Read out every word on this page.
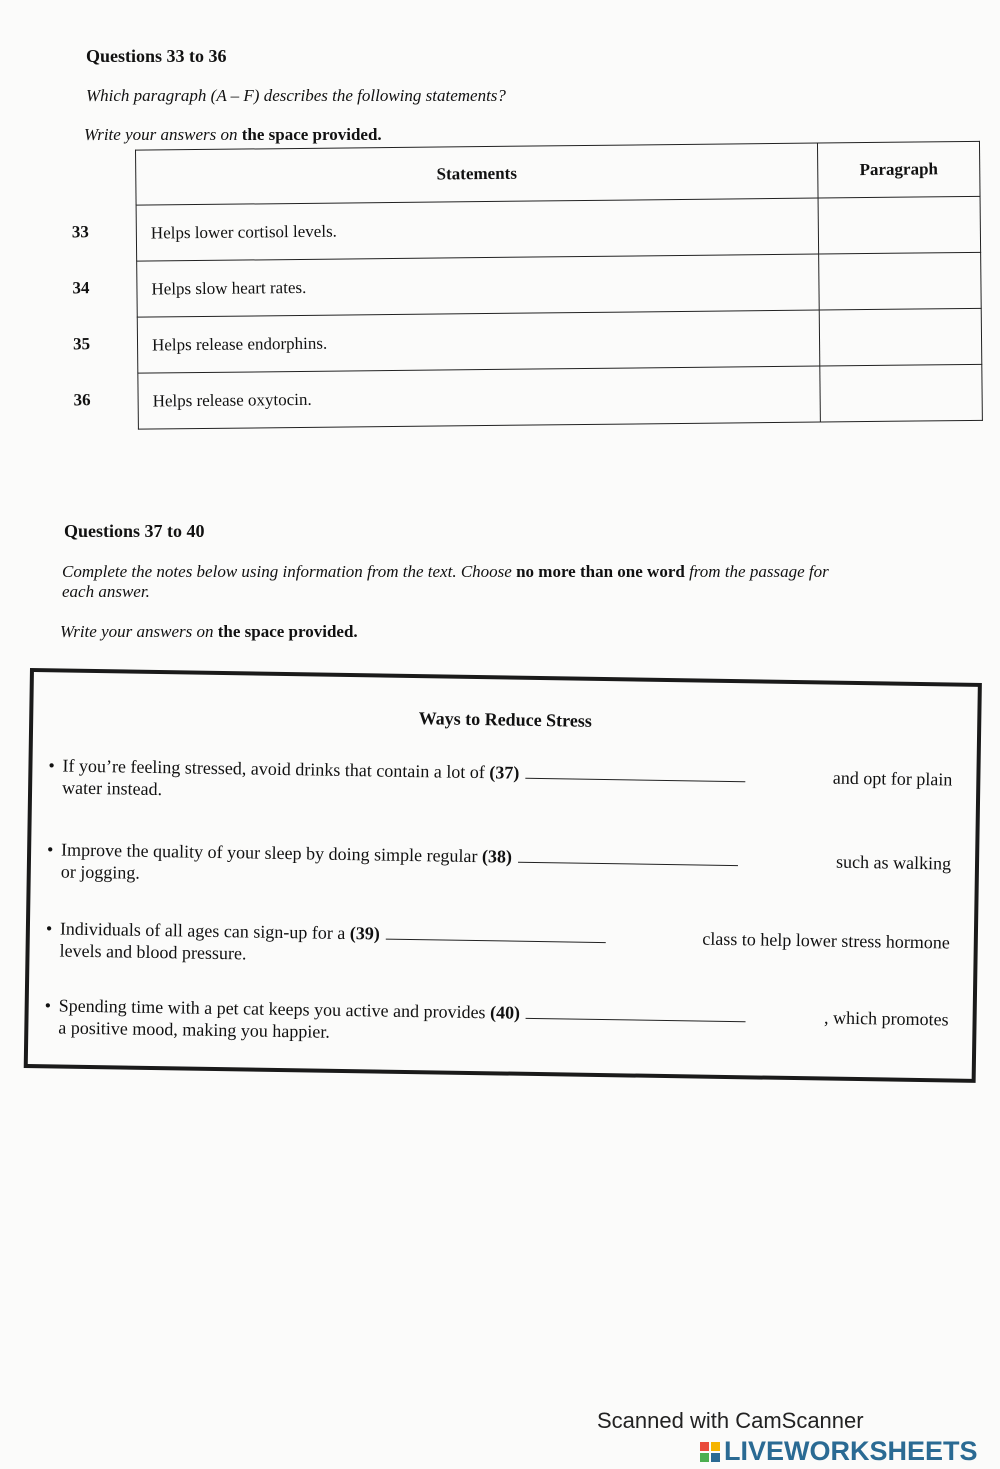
Questions 33 to 36
Which paragraph (A – F) describes the following statements?
Write your answers on the space provided.
	Statements	Paragraph

33	Helps lower cortisol levels.	

34	Helps slow heart rates.	

35	Helps release endorphins.	

36	Helps release oxytocin.	
Questions 37 to 40
Complete the notes below using information from the text. Choose no more than one word from the passage for
each answer.
Write your answers on the space provided.
Ways to Reduce Stress
• If you’re feeling stressed, avoid drinks that contain a lot of (37)	and opt for plain

water instead.
• Improve the quality of your sleep by doing simple regular (38)	such as walking

or jogging.
• Individuals of all ages can sign-up for a (39)	class to help lower stress hormone

levels and blood pressure.
• Spending time with a pet cat keeps you active and provides (40)	, which promotes

a positive mood, making you happier.
Scanned with CamScanner
LIVEWORKSHEETS
